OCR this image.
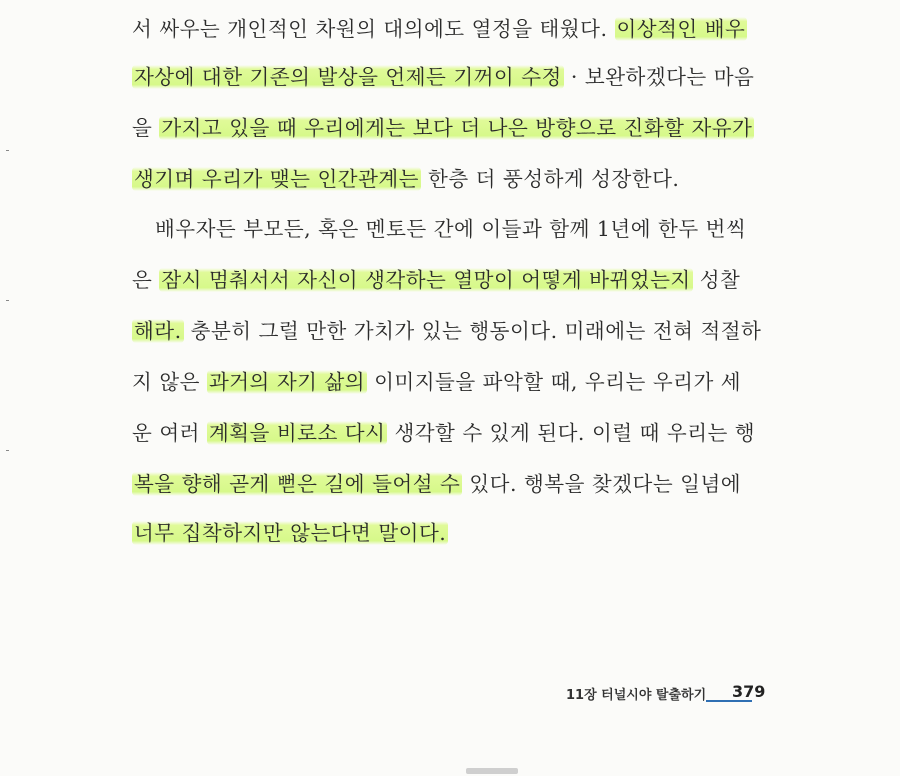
서 싸우는 개인적인 차원의 대의에도 열정을 태웠다. 이상적인 배우
자상에 대한 기존의 발상을 언제든 기꺼이 수정 · 보완하겠다는 마음
을 가지고 있을 때 우리에게는 보다 더 나은 방향으로 진화할 자유가
생기며 우리가 맺는 인간관계는 한층 더 풍성하게 성장한다.
배우자든 부모든, 혹은 멘토든 간에 이들과 함께 1년에 한두 번씩
은 잠시 멈춰서서 자신이 생각하는 열망이 어떻게 바뀌었는지 성찰
해라. 충분히 그럴 만한 가치가 있는 행동이다. 미래에는 전혀 적절하
지 않은 과거의 자기 삶의 이미지들을 파악할 때, 우리는 우리가 세
운 여러 계획을 비로소 다시 생각할 수 있게 된다. 이럴 때 우리는 행
복을 향해 곧게 뻗은 길에 들어설 수 있다. 행복을 찾겠다는 일념에
너무 집착하지만 않는다면 말이다.
11장 터널시야 탈출하기 379
